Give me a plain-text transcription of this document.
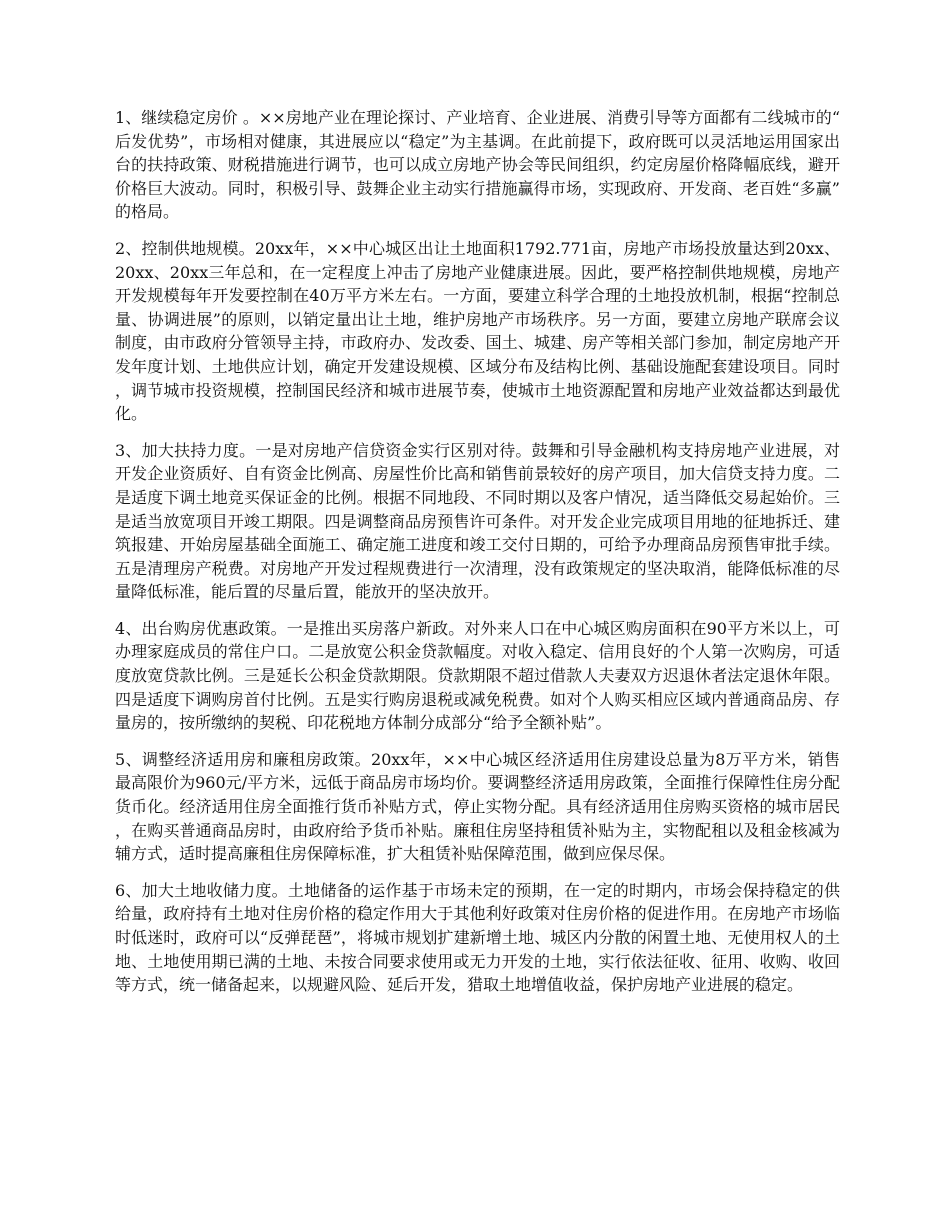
1、继续稳定房价 。××房地产业在理论探讨、产业培育、企业进展、消费引导等方面都有二线城市的“后发优势”，市场相对健康，其进展应以“稳定”为主基调。在此前提下，政府既可以灵活地运用国家出台的扶持政策、财税措施进行调节，也可以成立房地产协会等民间组织，约定房屋价格降幅底线，避开价格巨大波动。同时，积极引导、鼓舞企业主动实行措施赢得市场，实现政府、开发商、老百姓“多赢”的格局。

2、控制供地规模。20xx年，××中心城区出让土地面积1792.771亩，房地产市场投放量达到20xx、20xx、20xx三年总和，在一定程度上冲击了房地产业健康进展。因此，要严格控制供地规模，房地产开发规模每年开发要控制在40万平方米左右。一方面，要建立科学合理的土地投放机制，根据“控制总量、协调进展”的原则，以销定量出让土地，维护房地产市场秩序。另一方面，要建立房地产联席会议制度，由市政府分管领导主持，市政府办、发改委、国土、城建、房产等相关部门参加，制定房地产开发年度计划、土地供应计划，确定开发建设规模、区域分布及结构比例、基础设施配套建设项目。同时，调节城市投资规模，控制国民经济和城市进展节奏，使城市土地资源配置和房地产业效益都达到最优化。

3、加大扶持力度。一是对房地产信贷资金实行区别对待。鼓舞和引导金融机构支持房地产业进展，对开发企业资质好、自有资金比例高、房屋性价比高和销售前景较好的房产项目，加大信贷支持力度。二是适度下调土地竞买保证金的比例。根据不同地段、不同时期以及客户情况，适当降低交易起始价。三是适当放宽项目开竣工期限。四是调整商品房预售许可条件。对开发企业完成项目用地的征地拆迁、建筑报建、开始房屋基础全面施工、确定施工进度和竣工交付日期的，可给予办理商品房预售审批手续。五是清理房产税费。对房地产开发过程规费进行一次清理，没有政策规定的坚决取消，能降低标准的尽量降低标准，能后置的尽量后置，能放开的坚决放开。

4、出台购房优惠政策。一是推出买房落户新政。对外来人口在中心城区购房面积在90平方米以上，可办理家庭成员的常住户口。二是放宽公积金贷款幅度。对收入稳定、信用良好的个人第一次购房，可适度放宽贷款比例。三是延长公积金贷款期限。贷款期限不超过借款人夫妻双方迟退休者法定退休年限。四是适度下调购房首付比例。五是实行购房退税或减免税费。如对个人购买相应区域内普通商品房、存量房的，按所缴纳的契税、印花税地方体制分成部分“给予全额补贴”。

5、调整经济适用房和廉租房政策。20xx年，××中心城区经济适用住房建设总量为8万平方米，销售最高限价为960元/平方米，远低于商品房市场均价。要调整经济适用房政策，全面推行保障性住房分配货币化。经济适用住房全面推行货币补贴方式，停止实物分配。具有经济适用住房购买资格的城市居民，在购买普通商品房时，由政府给予货币补贴。廉租住房坚持租赁补贴为主，实物配租以及租金核减为辅方式，适时提高廉租住房保障标准，扩大租赁补贴保障范围，做到应保尽保。

6、加大土地收储力度。土地储备的运作基于市场未定的预期，在一定的时期内，市场会保持稳定的供给量，政府持有土地对住房价格的稳定作用大于其他利好政策对住房价格的促进作用。在房地产市场临时低迷时，政府可以“反弹琵琶”，将城市规划扩建新增土地、城区内分散的闲置土地、无使用权人的土地、土地使用期已满的土地、未按合同要求使用或无力开发的土地，实行依法征收、征用、收购、收回等方式，统一储备起来，以规避风险、延后开发，猎取土地增值收益，保护房地产业进展的稳定。
